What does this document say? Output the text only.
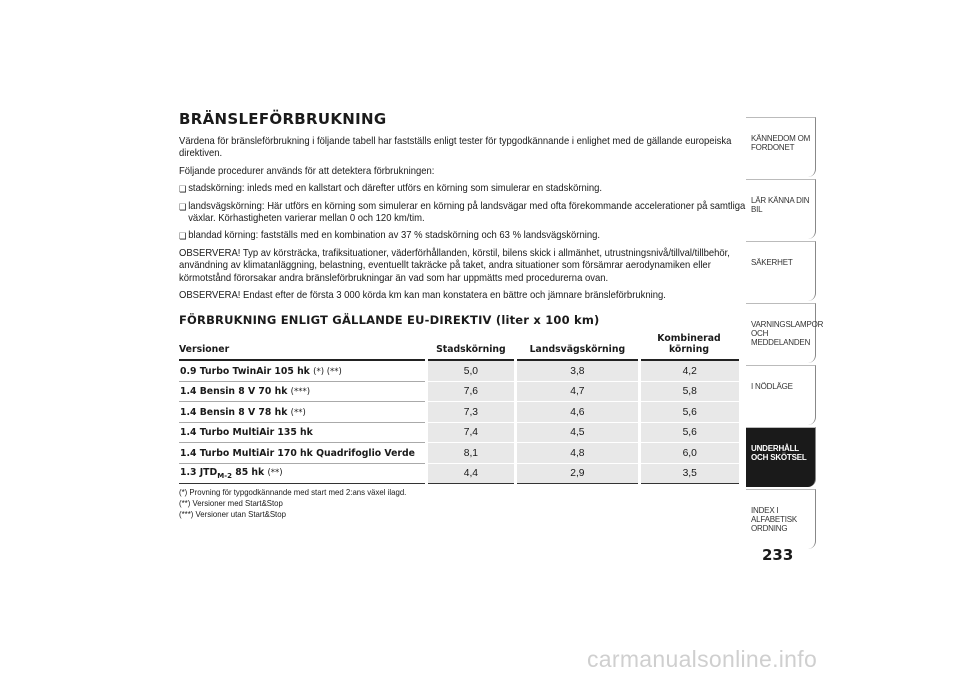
BRÄNSLEFÖRBRUKNING

Värdena för bränsleförbrukning i följande tabell har fastställs enligt tester för typgodkännande i enlighet med de gällande europeiska direktiven.

Följande procedurer används för att detektera förbrukningen:

❏ stadskörning: inleds med en kallstart och därefter utförs en körning som simulerar en stadskörning.
❏ landsvägskörning: Här utförs en körning som simulerar en körning på landsvägar med ofta förekommande accelerationer på samtliga växlar. Körhastigheten varierar mellan 0 och 120 km/tim.
❏ blandad körning: fastställs med en kombination av 37 % stadskörning och 63 % landsvägskörning.

OBSERVERA! Typ av körsträcka, trafiksituationer, väderförhållanden, körstil, bilens skick i allmänhet, utrustningsnivå/tillval/tillbehör, användning av klimatanläggning, belastning, eventuellt takräcke på taket, andra situationer som försämrar aerodynamiken eller körmotstånd förorsakar andra bränsleförbrukningar än vad som har uppmätts med procedurerna ovan.

OBSERVERA! Endast efter de första 3 000 körda km kan man konstatera en bättre och jämnare bränsleförbrukning.

FÖRBRUKNING ENLIGT GÄLLANDE EU-DIREKTIV (liter x 100 km)
Versioner	Stadskörning	Landsvägskörning	Kombinerad körning
0.9 Turbo TwinAir 105 hk (*) (**)	5,0	3,8	4,2
1.4 Bensin 8 V 70 hk (***)	7,6	4,7	5,8
1.4 Bensin 8 V 78 hk (**)	7,3	4,6	5,6
1.4 Turbo MultiAir 135 hk	7,4	4,5	5,6
1.4 Turbo MultiAir 170 hk Quadrifoglio Verde	8,1	4,8	6,0
1.3 $JTD_{M-2}$ 85 hk (**)	4,4	2,9	3,5
(*) Provning för typgodkännande med start med 2:ans växel ilagd.
(**) Versioner med Start&Stop
(***) Versioner utan Start&Stop
KÄNNEDOM OM FORDONET
LÄR KÄNNA DIN BIL
SÄKERHET
VARNINGSLAMPOR OCH MEDDELANDEN
I NÖDLÄGE
UNDERHÅLL OCH SKÖTSEL
INDEX I ALFABETISK ORDNING
233
carmanualsonline.info
